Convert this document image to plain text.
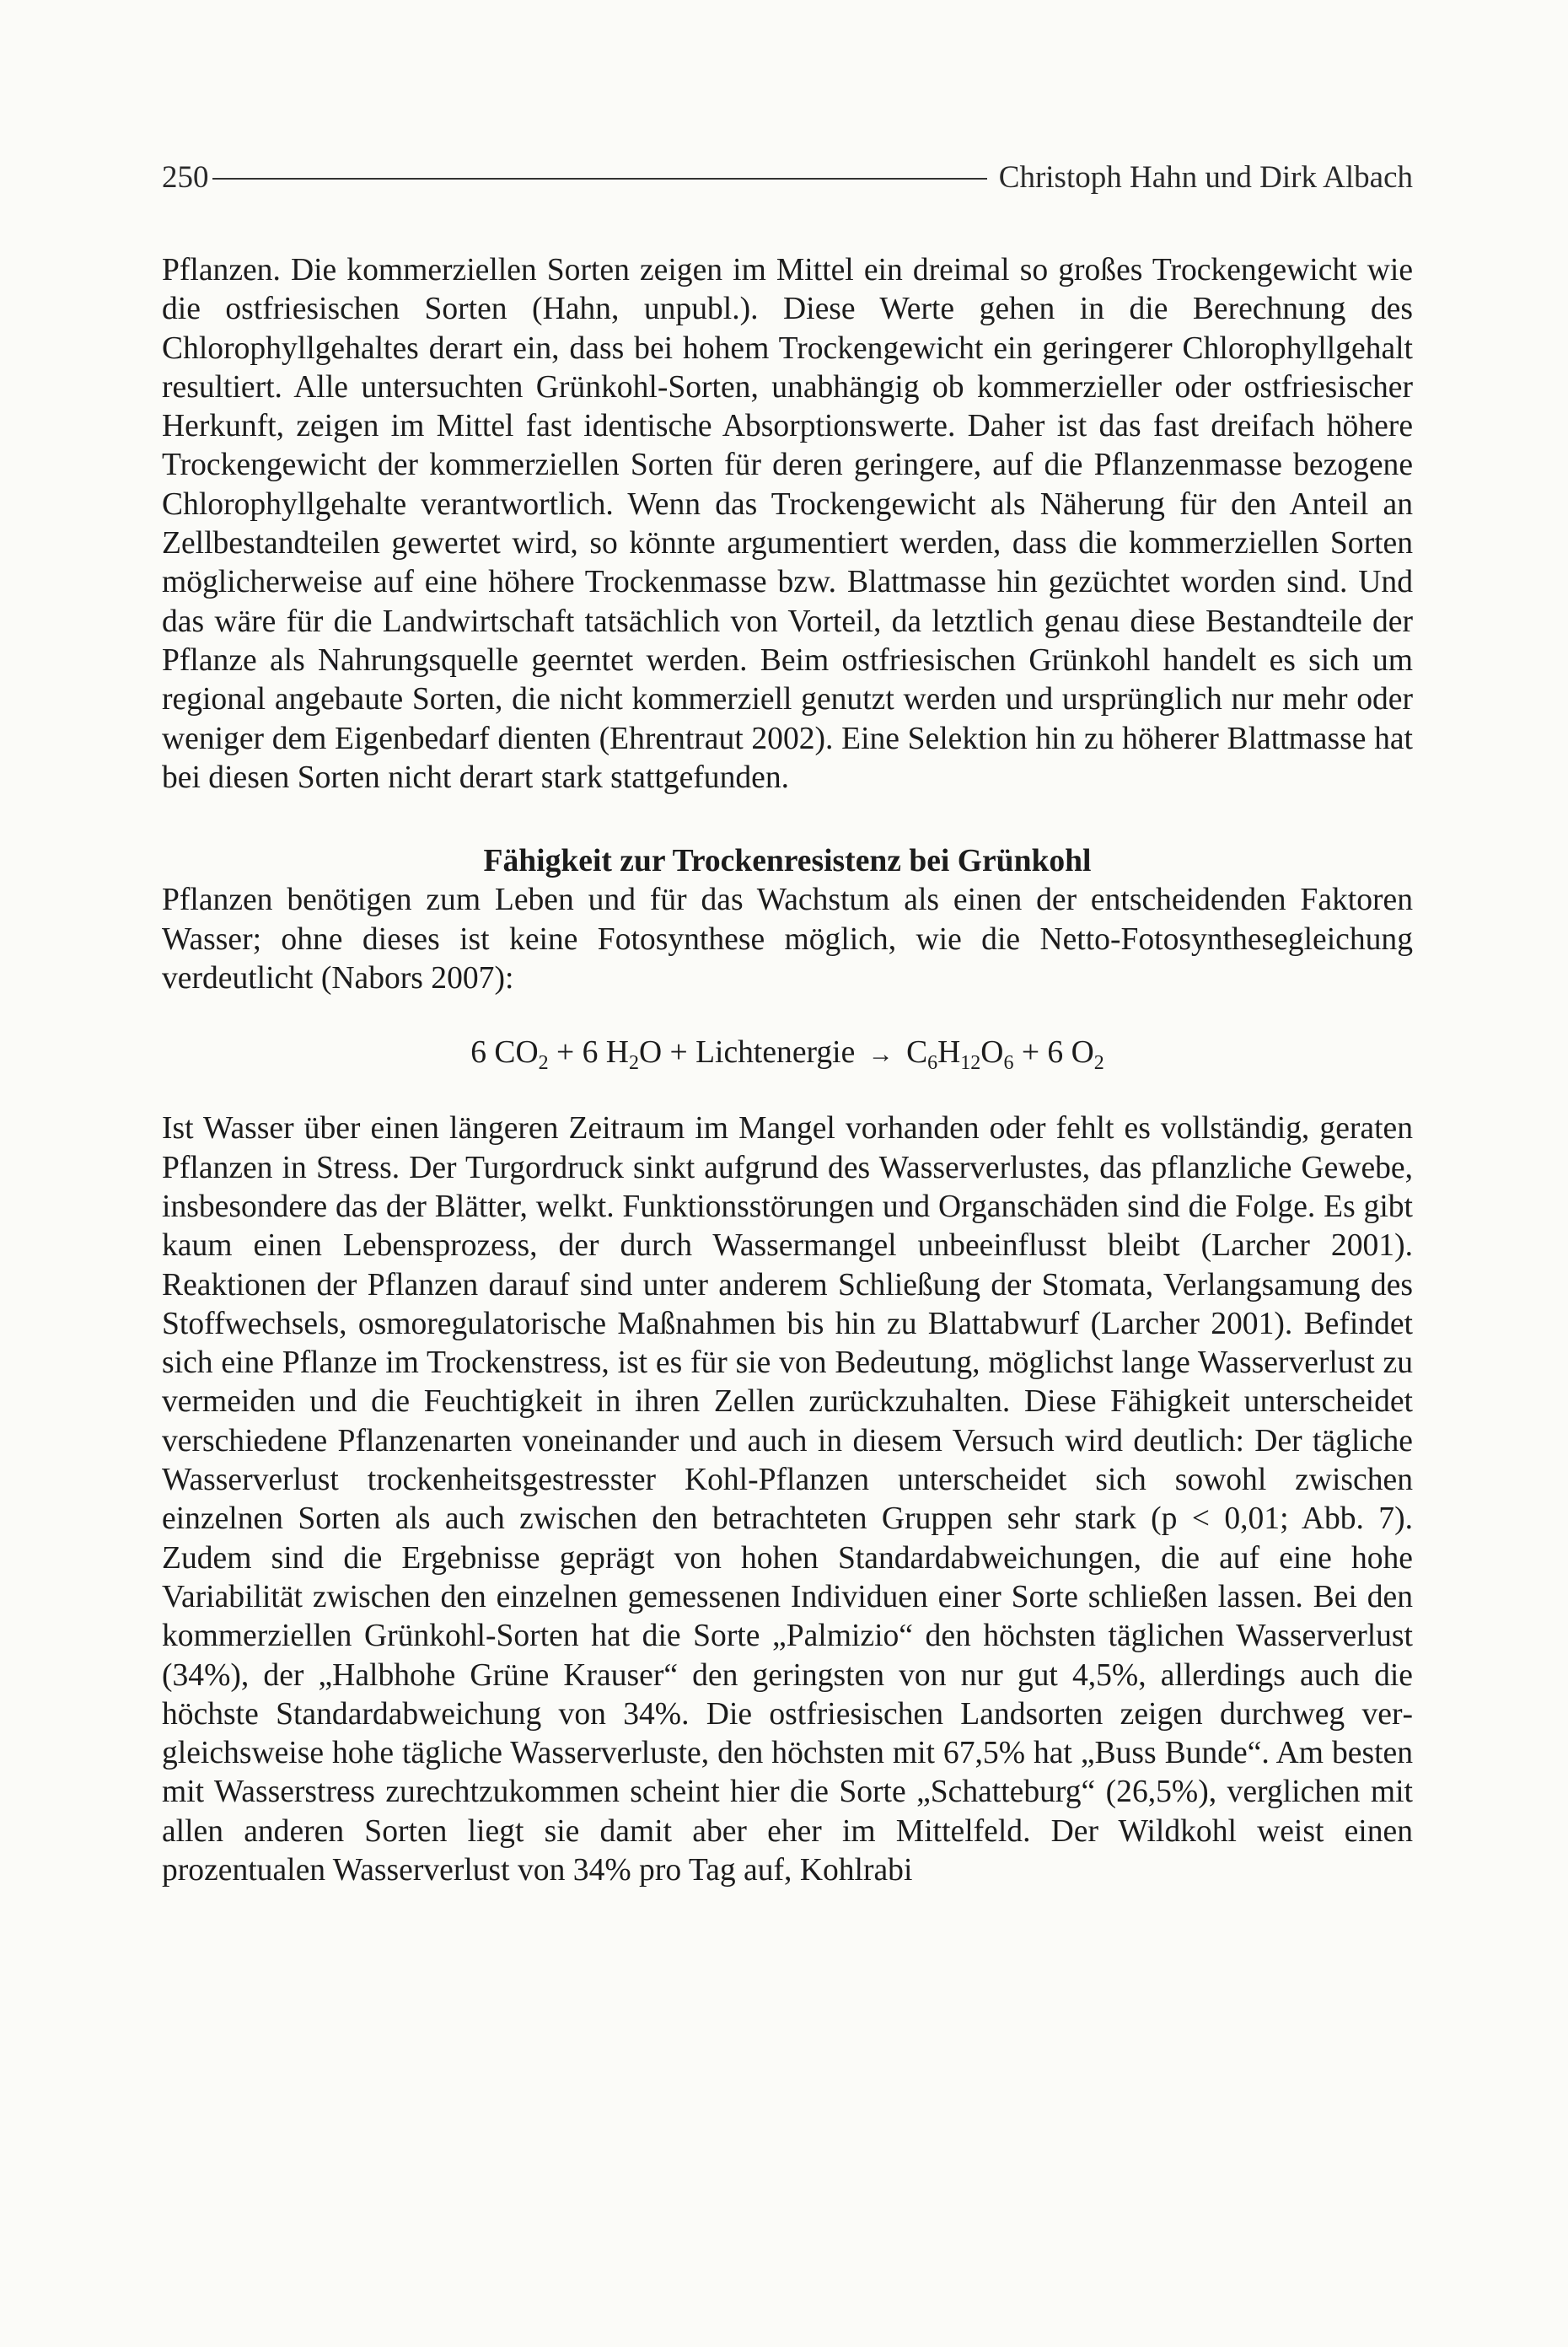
250	Christoph Hahn und Dirk Albach

Pflanzen. Die kommerziellen Sorten zeigen im Mittel ein dreimal so großes Trockengewicht wie die ostfriesischen Sorten (Hahn, unpubl.). Diese Werte gehen in die Berechnung des Chlorophyllgehaltes derart ein, dass bei hohem Trockengewicht ein geringerer Chlorophyllgehalt resultiert. Alle untersuchten Grünkohl-Sorten, unabhängig ob kommerzieller oder ostfriesischer Herkunft, zeigen im Mittel fast identische Absorptionswerte. Daher ist das fast dreifach höhere Trockengewicht der kommerziellen Sorten für deren geringere, auf die Pflanzenmasse bezogene Chlorophyllgehalte verantwortlich. Wenn das Trockengewicht als Näherung für den Anteil an Zellbestandteilen gewertet wird, so könnte argumentiert werden, dass die kommerziellen Sorten möglicherweise auf eine höhere Trockenmasse bzw. Blattmasse hin gezüchtet worden sind. Und das wäre für die Landwirtschaft tatsächlich von Vorteil, da letztlich genau diese Bestandteile der Pflanze als Nahrungsquelle geerntet werden. Beim ostfriesischen Grünkohl handelt es sich um regional angebaute Sorten, die nicht kommerziell genutzt werden und ursprünglich nur mehr oder weniger dem Eigenbedarf dienten (Ehrentraut 2002). Eine Selektion hin zu höherer Blattmasse hat bei diesen Sorten nicht derart stark stattgefunden.

Fähigkeit zur Trockenresistenz bei Grünkohl

Pflanzen benötigen zum Leben und für das Wachstum als einen der entscheidenden Faktoren Wasser; ohne dieses ist keine Fotosynthese möglich, wie die Netto-Fotosynthesegleichung verdeutlicht (Nabors 2007):

6 $CO_2 + 6$ $H_2O$ + Lichtenergie → $C_6H_{12}O_6 + 6$ $O_2$

Ist Wasser über einen längeren Zeitraum im Mangel vorhanden oder fehlt es vollständig, geraten Pflanzen in Stress. Der Turgordruck sinkt aufgrund des Wasserverlustes, das pflanzliche Gewebe, insbesondere das der Blätter, welkt. Funktionsstörungen und Organschäden sind die Folge. Es gibt kaum einen Lebensprozess, der durch Wassermangel unbeeinflusst bleibt (Larcher 2001). Reaktionen der Pflanzen darauf sind unter anderem Schließung der Stomata, Verlangsamung des Stoffwechsels, osmoregulatorische Maßnahmen bis hin zu Blattabwurf (Larcher 2001). Befindet sich eine Pflanze im Trockenstress, ist es für sie von Bedeutung, möglichst lange Wasserverlust zu vermeiden und die Feuchtigkeit in ihren Zellen zurückzuhalten. Diese Fähigkeit unterscheidet verschiedene Pflanzenarten voneinander und auch in diesem Versuch wird deutlich: Der tägliche Wasserverlust trockenheitsgestresster Kohl-Pflanzen unterscheidet sich sowohl zwischen einzelnen Sorten als auch zwischen den betrachteten Gruppen sehr stark (p < 0,01; Abb. 7). Zudem sind die Ergebnisse geprägt von hohen Standardabweichungen, die auf eine hohe Variabilität zwischen den einzelnen gemessenen Individuen einer Sorte schließen lassen. Bei den kommerziellen Grünkohl-Sorten hat die Sorte „Palmizio“ den höchsten täglichen Wasserverlust (34%), der „Halbhohe Grüne Krauser“ den geringsten von nur gut 4,5%, allerdings auch die höchste Standardabweichung von 34%. Die ostfriesischen Landsorten zeigen durchweg vergleichsweise hohe tägliche Wasserverluste, den höchsten mit 67,5% hat „Buss Bunde“. Am besten mit Wasserstress zurechtzukommen scheint hier die Sorte „Schatteburg“ (26,5%), verglichen mit allen anderen Sorten liegt sie damit aber eher im Mittelfeld. Der Wildkohl weist einen prozentualen Wasserverlust von 34% pro Tag auf, Kohlrabi
